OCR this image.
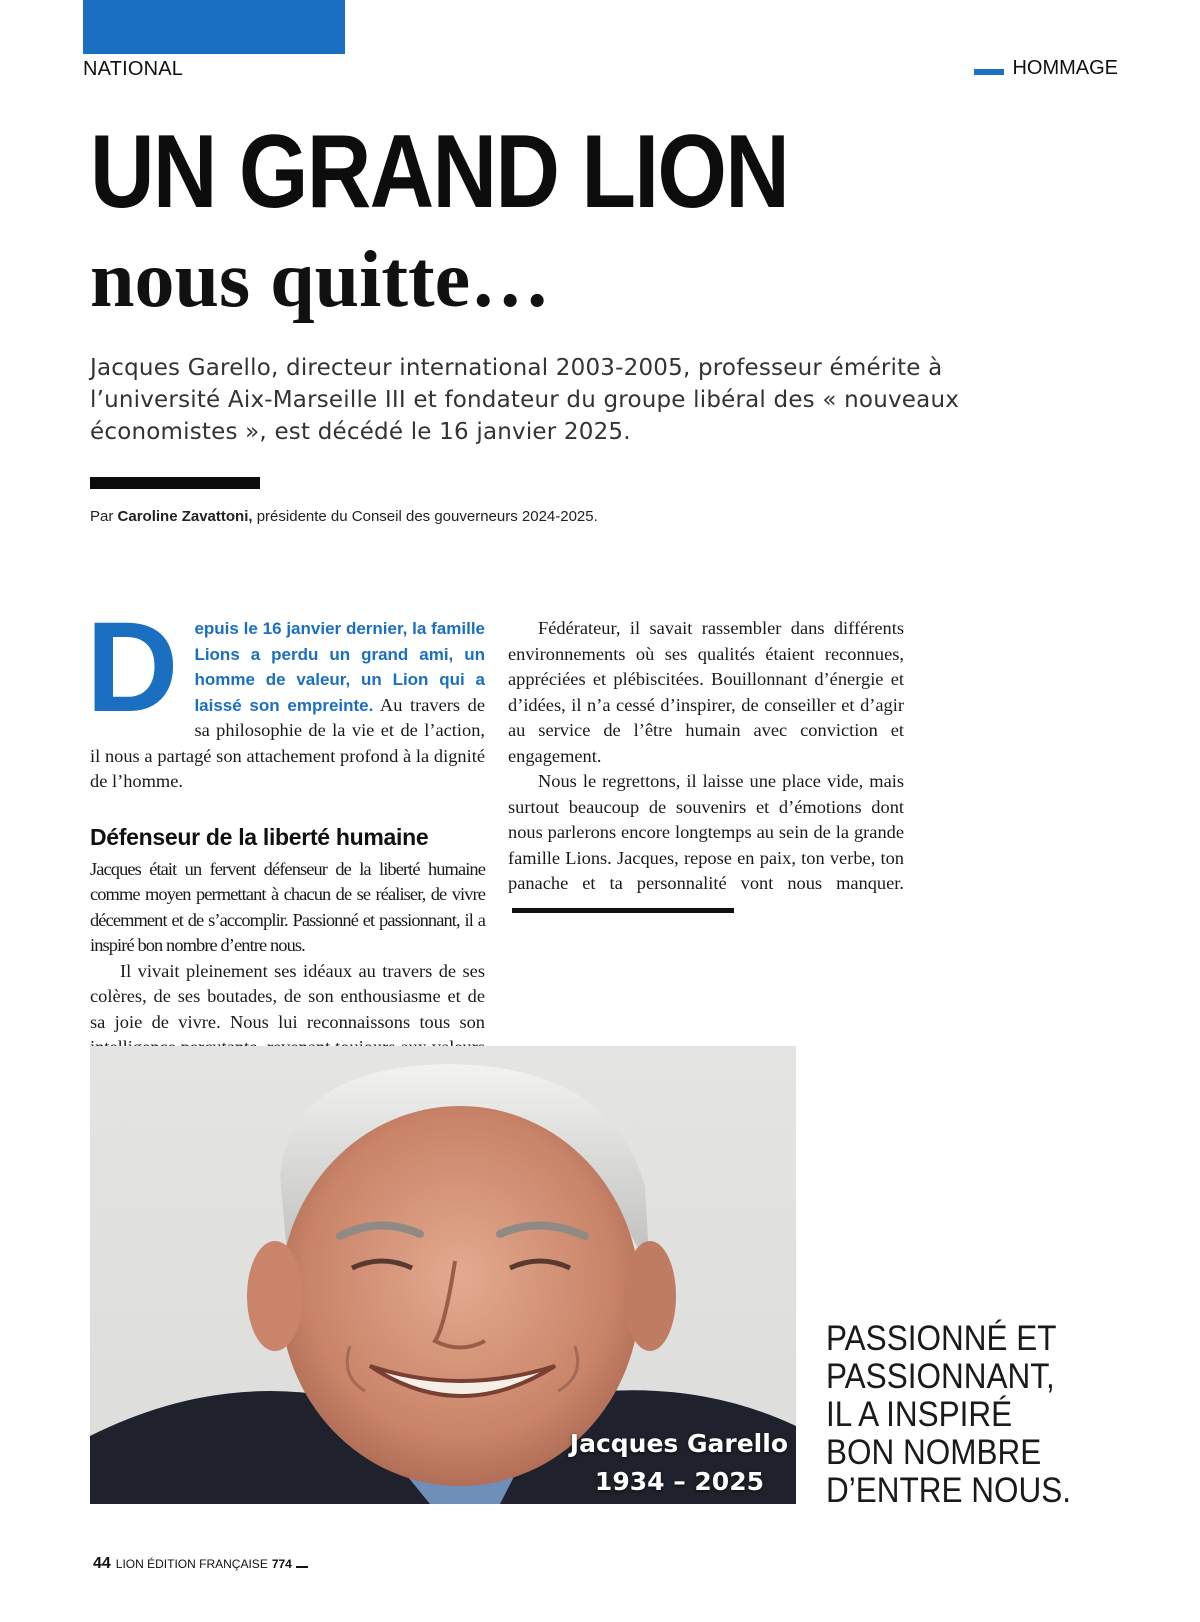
NATIONAL	HOMMAGE
UN GRAND LION
nous quitte…
Jacques Garello, directeur international 2003-2005, professeur émérite à l’université Aix-Marseille III et fondateur du groupe libéral des « nouveaux économistes », est décédé le 16 janvier 2025.
Par Caroline Zavattoni, présidente du Conseil des gouverneurs 2024-2025.

Depuis le 16 janvier dernier, la famille Lions a perdu un grand ami, un homme de valeur, un Lion qui a laissé son empreinte. Au travers de sa philosophie de la vie et de l’action, il nous a partagé son attachement profond à la dignité de l’homme.

Défenseur de la liberté humaine

Jacques était un fervent défenseur de la liberté humaine comme moyen permettant à chacun de se réaliser, de vivre décemment et de s’accomplir. Passionné et passionnant, il a inspiré bon nombre d’entre nous.

Il vivait pleinement ses idéaux au travers de ses colères, de ses boutades, de son enthousiasme et de sa joie de vivre. Nous lui reconnaissons tous son

Fédérateur, il savait rassembler dans différents environnements où ses qualités étaient reconnues, appréciées et plébiscitées. Bouillonnant d’énergie et d’idées, il n’a cessé d’inspirer, de conseiller et d’agir au service de l’être humain avec conviction et engagement.

Nous le regrettons, il laisse une place vide, mais surtout beaucoup de souvenirs et d’émotions dont nous parlerons encore longtemps au sein de la grande famille Lions. Jacques, repose en paix, ton verbe, ton panache et ta personnalité vont nous manquer.

Jacques Garello
1934 – 2025
PASSIONNÉ ET
PASSIONNANT,
IL A INSPIRÉ
BON NOMBRE
D’ENTRE NOUS.
44 LION ÉDITION FRANÇAISE 774
